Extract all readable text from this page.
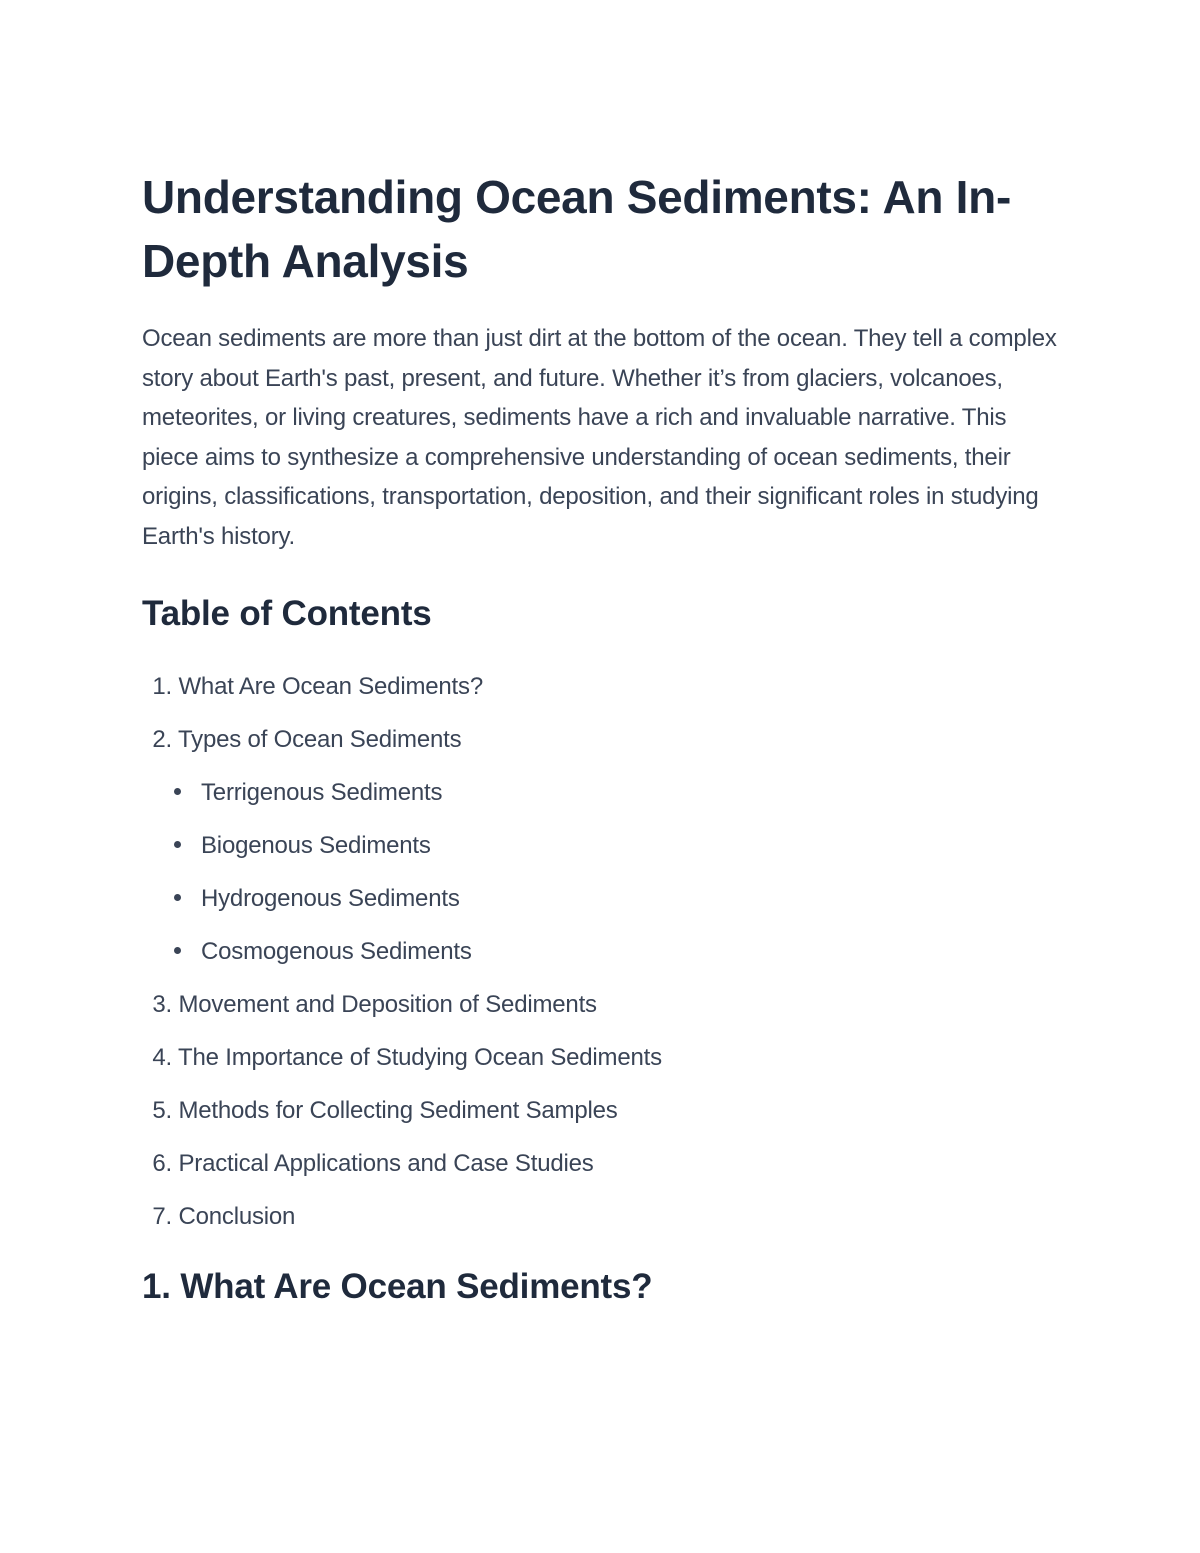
Understanding Ocean Sediments: An In-Depth Analysis

Ocean sediments are more than just dirt at the bottom of the ocean. They tell a complex story about Earth's past, present, and future. Whether it’s from glaciers, volcanoes, meteorites, or living creatures, sediments have a rich and invaluable narrative. This piece aims to synthesize a comprehensive understanding of ocean sediments, their origins, classifications, transportation, deposition, and their significant roles in studying Earth's history.

Table of Contents
1. What Are Ocean Sediments?
2. Types of Ocean Sediments
Terrigenous Sediments
Biogenous Sediments
Hydrogenous Sediments
Cosmogenous Sediments
3. Movement and Deposition of Sediments
4. The Importance of Studying Ocean Sediments
5. Methods for Collecting Sediment Samples
6. Practical Applications and Case Studies
7. Conclusion
1. What Are Ocean Sediments?
